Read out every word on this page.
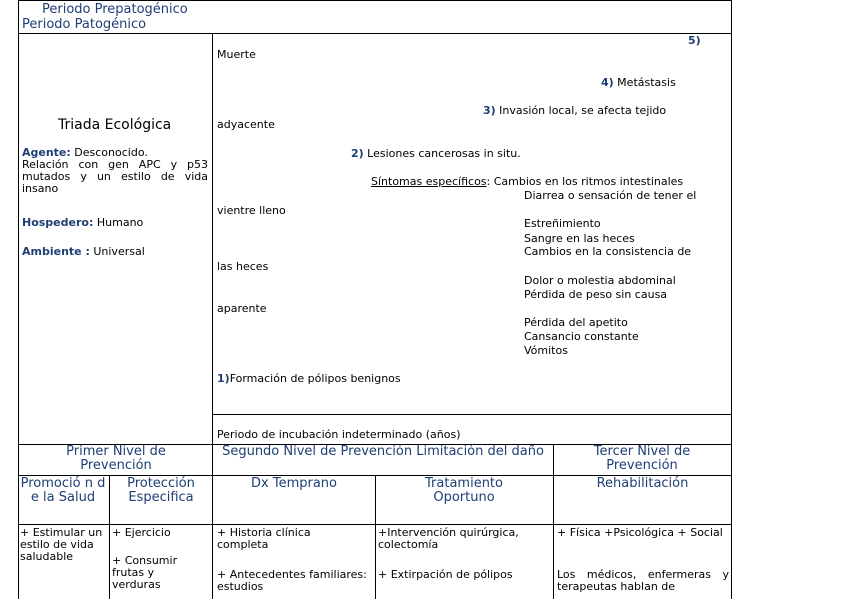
Periodo Prepatogénico
Periodo Patogénico
Triada Ecológica
Agente: Desconocido.
Relación con gen APC y p53 mutados y un estilo de vida insano
Hospedero: Humano
Ambiente : Universal
5)
Muerte
4) Metástasis
3) Invasión local, se afecta tejido
adyacente
2) Lesiones cancerosas in situ.
Síntomas específicos: Cambios en los ritmos intestinales
Diarrea o sensación de tener el
vientre lleno
Estreñimiento
Sangre en las heces
Cambios en la consistencia de
las heces
Dolor o molestia abdominal
Pérdida de peso sin causa
aparente
Pérdida del apetito
Cansancio constante
Vómitos
1)Formación de pólipos benignos
Periodo de incubación indeterminado (años)
Primer Nivel de Prevención
Segundo Nivel de Prevención Limitación del daño	Tercer Nivel de Prevención
Promoció n de la Salud
Protección Especifica
Dx Temprano	Tratamiento Oportuno
Rehabilitación
+ Estimular un estilo de vida saludable
+ Ejercicio
+ Consumir frutas y verduras
+ Historia clínica completa
+ Antecedentes familiares: estudios
+Intervención quirúrgica, colectomía
+ Extirpación de pólipos
+ Física +Psicológica + Social
Los médicos, enfermeras y terapeutas hablan de
